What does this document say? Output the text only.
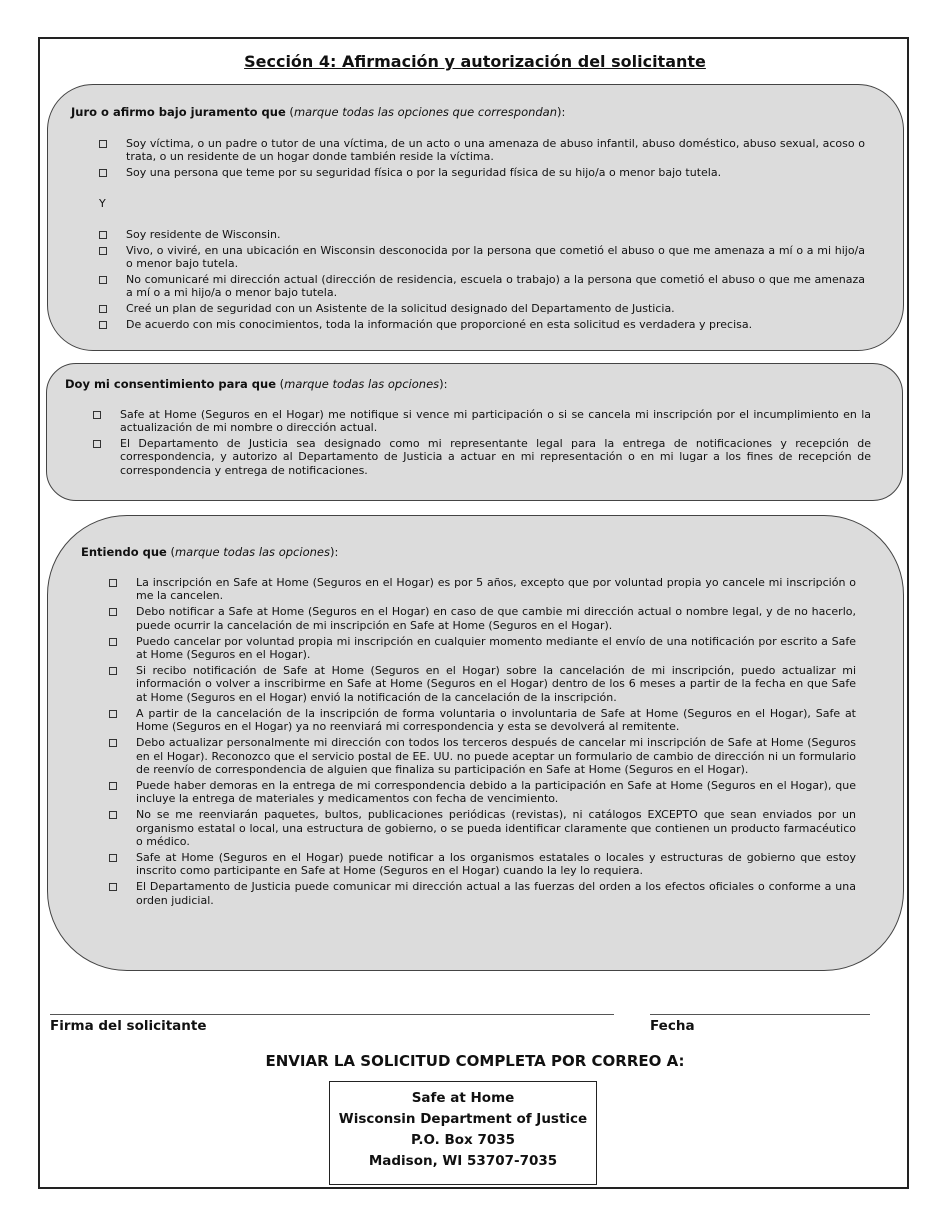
Sección 4: Afirmación y autorización del solicitante
Juro o afirmo bajo juramento que (marque todas las opciones que correspondan):
Soy víctima, o un padre o tutor de una víctima, de un acto o una amenaza de abuso infantil, abuso doméstico, abuso sexual, acoso o trata, o un residente de un hogar donde también reside la víctima.
Soy una persona que teme por su seguridad física o por la seguridad física de su hijo/a o menor bajo tutela.
Y
Soy residente de Wisconsin.
Vivo, o viviré, en una ubicación en Wisconsin desconocida por la persona que cometió el abuso o que me amenaza a mí o a mi hijo/a o menor bajo tutela.
No comunicaré mi dirección actual (dirección de residencia, escuela o trabajo) a la persona que cometió el abuso o que me amenaza a mí o a mi hijo/a o menor bajo tutela.
Creé un plan de seguridad con un Asistente de la solicitud designado del Departamento de Justicia.
De acuerdo con mis conocimientos, toda la información que proporcioné en esta solicitud es verdadera y precisa.
Doy mi consentimiento para que (marque todas las opciones):
Safe at Home (Seguros en el Hogar) me notifique si vence mi participación o si se cancela mi inscripción por el incumplimiento en la actualización de mi nombre o dirección actual.
El Departamento de Justicia sea designado como mi representante legal para la entrega de notificaciones y recepción de correspondencia, y autorizo al Departamento de Justicia a actuar en mi representación o en mi lugar a los fines de recepción de correspondencia y entrega de notificaciones.
Entiendo que (marque todas las opciones):
La inscripción en Safe at Home (Seguros en el Hogar) es por 5 años, excepto que por voluntad propia yo cancele mi inscripción o me la cancelen.
Debo notificar a Safe at Home (Seguros en el Hogar) en caso de que cambie mi dirección actual o nombre legal, y de no hacerlo, puede ocurrir la cancelación de mi inscripción en Safe at Home (Seguros en el Hogar).
Puedo cancelar por voluntad propia mi inscripción en cualquier momento mediante el envío de una notificación por escrito a Safe at Home (Seguros en el Hogar).
Si recibo notificación de Safe at Home (Seguros en el Hogar) sobre la cancelación de mi inscripción, puedo actualizar mi información o volver a inscribirme en Safe at Home (Seguros en el Hogar) dentro de los 6 meses a partir de la fecha en que Safe at Home (Seguros en el Hogar) envió la notificación de la cancelación de la inscripción.
A partir de la cancelación de la inscripción de forma voluntaria o involuntaria de Safe at Home (Seguros en el Hogar), Safe at Home (Seguros en el Hogar) ya no reenviará mi correspondencia y esta se devolverá al remitente.
Debo actualizar personalmente mi dirección con todos los terceros después de cancelar mi inscripción de Safe at Home (Seguros en el Hogar). Reconozco que el servicio postal de EE. UU. no puede aceptar un formulario de cambio de dirección ni un formulario de reenvío de correspondencia de alguien que finaliza su participación en Safe at Home (Seguros en el Hogar).
Puede haber demoras en la entrega de mi correspondencia debido a la participación en Safe at Home (Seguros en el Hogar), que incluye la entrega de materiales y medicamentos con fecha de vencimiento.
No se me reenviarán paquetes, bultos, publicaciones periódicas (revistas), ni catálogos EXCEPTO que sean enviados por un organismo estatal o local, una estructura de gobierno, o se pueda identificar claramente que contienen un producto farmacéutico o médico.
Safe at Home (Seguros en el Hogar) puede notificar a los organismos estatales o locales y estructuras de gobierno que estoy inscrito como participante en Safe at Home (Seguros en el Hogar) cuando la ley lo requiera.
El Departamento de Justicia puede comunicar mi dirección actual a las fuerzas del orden a los efectos oficiales o conforme a una orden judicial.
Firma del solicitante	Fecha
ENVIAR LA SOLICITUD COMPLETA POR CORREO A:
Safe at Home
Wisconsin Department of Justice
P.O. Box 7035
Madison, WI 53707-7035
